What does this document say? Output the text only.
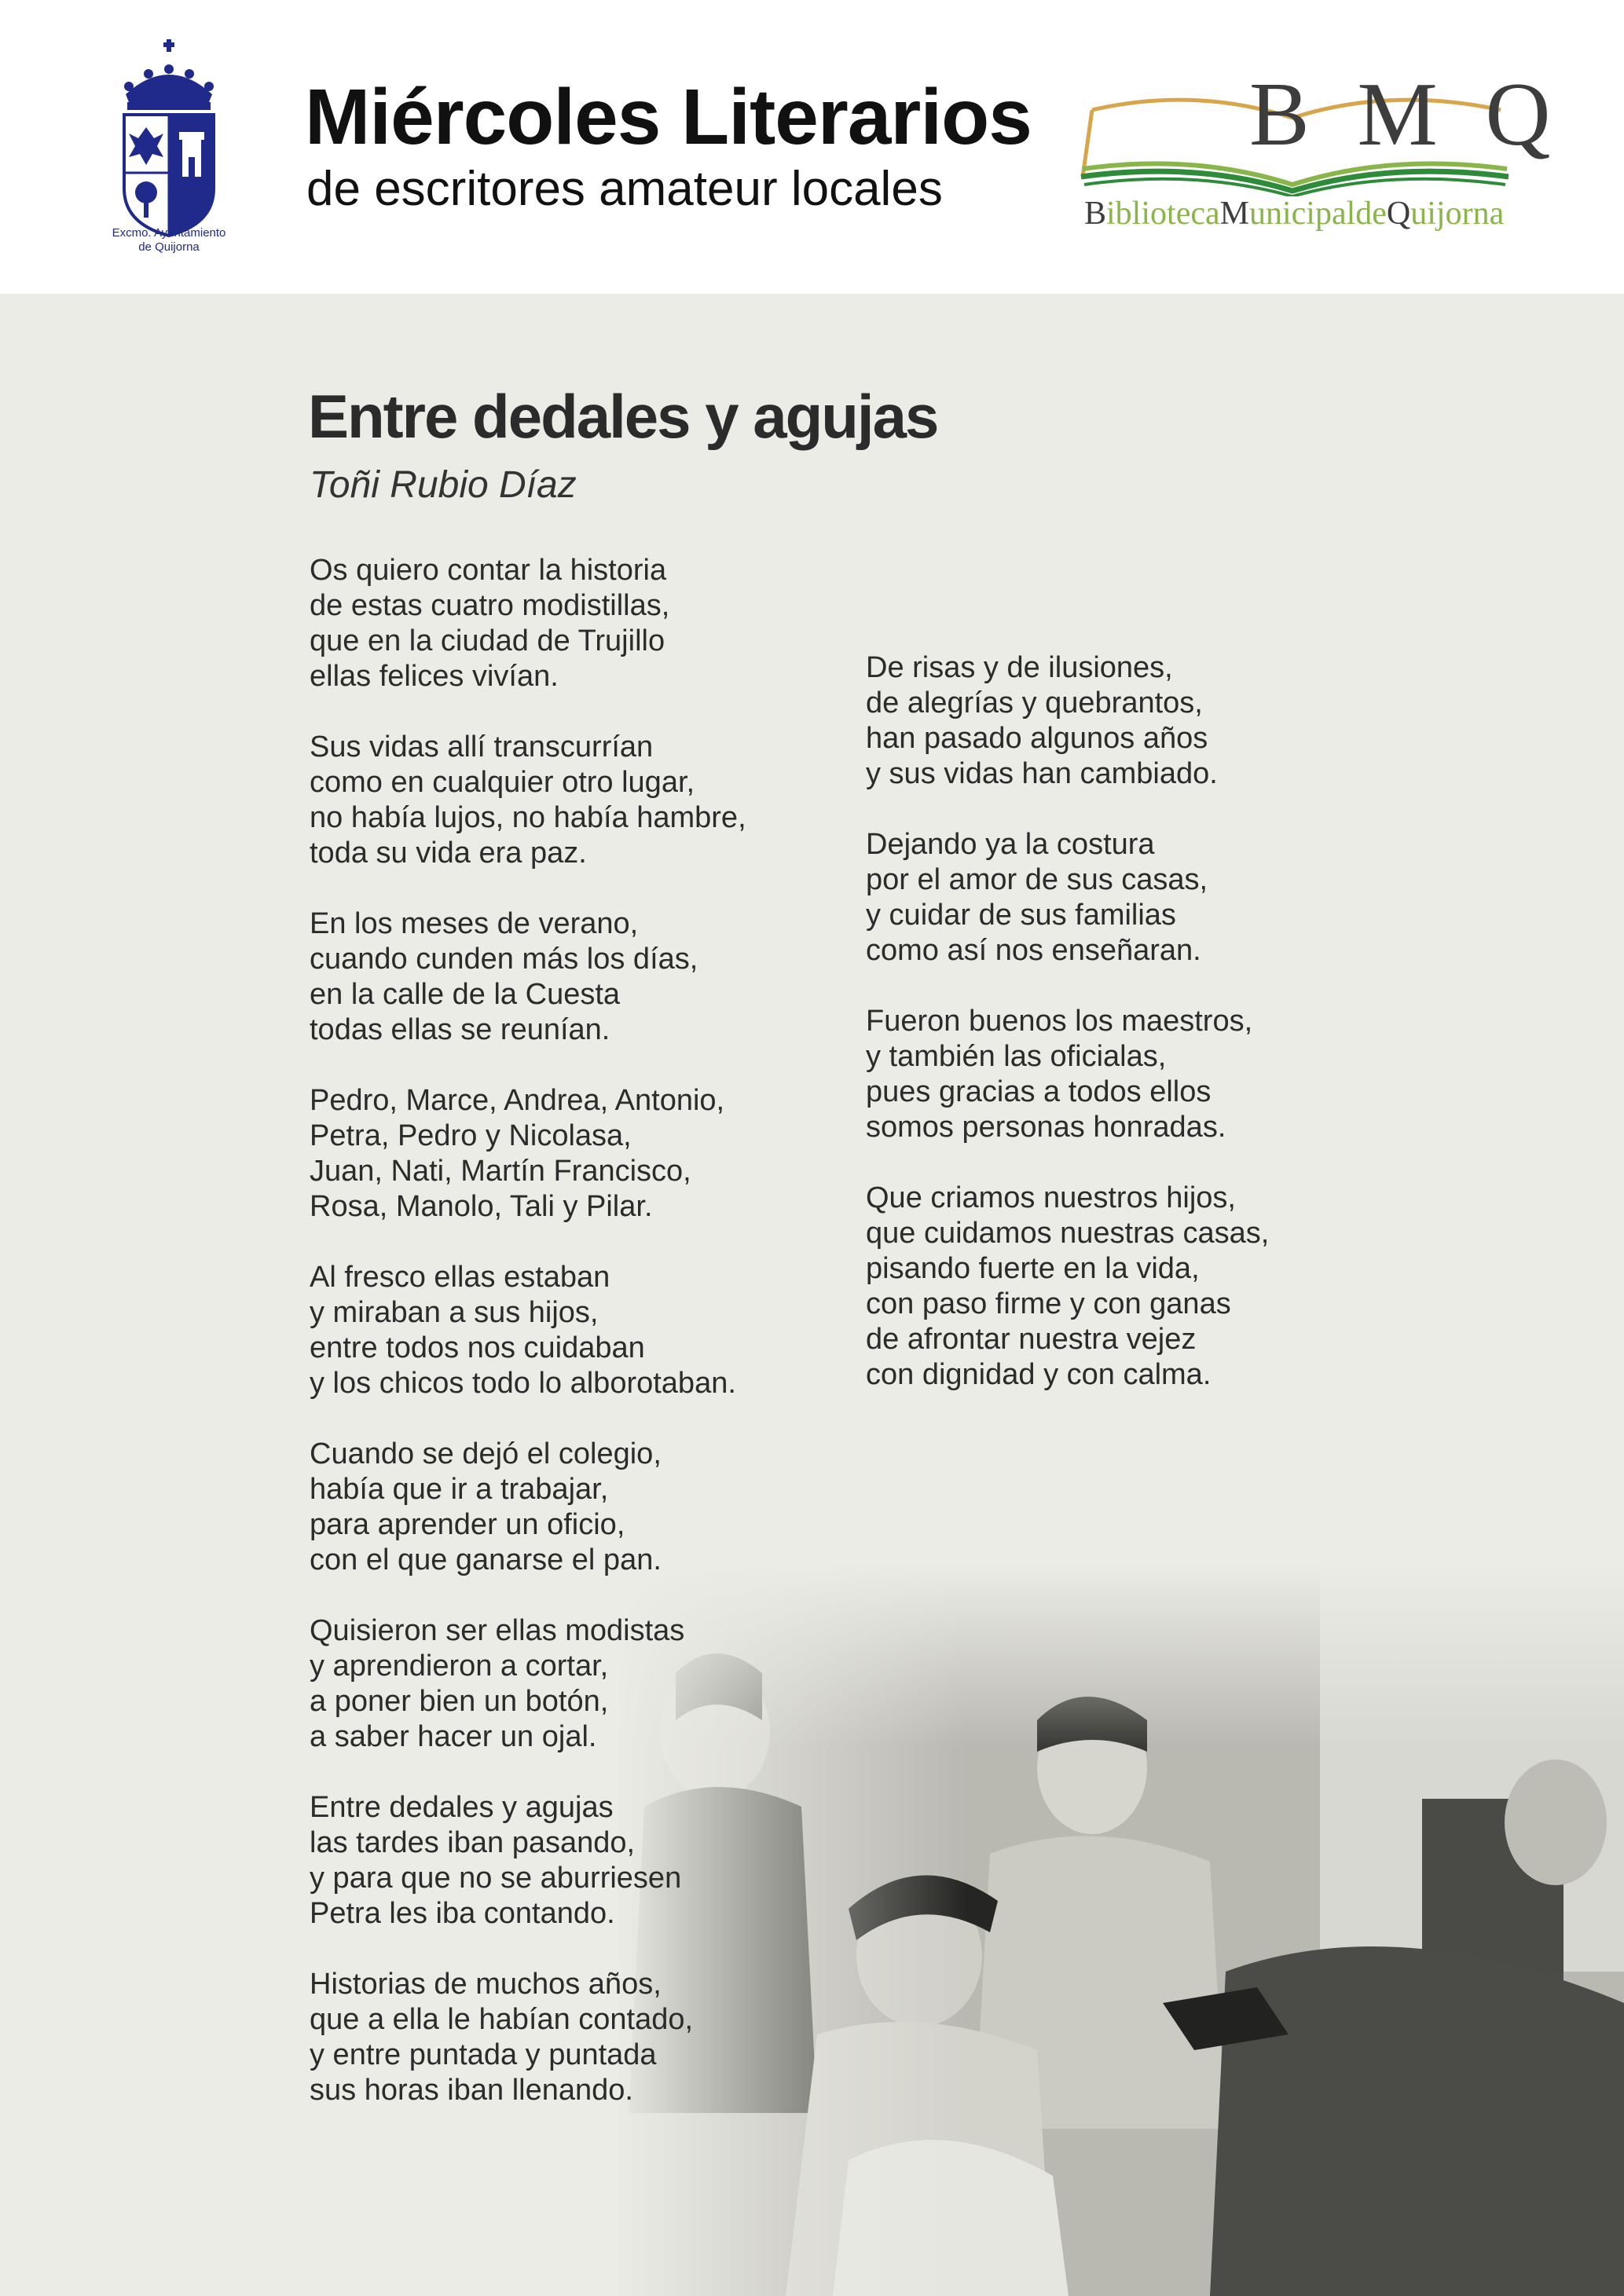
Excmo. Ayuntamiento
de Quijorna
Miércoles Literarios
de escritores amateur locales
B M Q
BibliotecaMunicipaldeQuijorna
Entre dedales y agujas
Toñi Rubio Díaz
Os quiero contar la historia
de estas cuatro modistillas,
que en la ciudad de Trujillo
ellas felices vivían.
Sus vidas allí transcurrían
como en cualquier otro lugar,
no había lujos, no había hambre,
toda su vida era paz.
En los meses de verano,
cuando cunden más los días,
en la calle de la Cuesta
todas ellas se reunían.
Pedro, Marce, Andrea, Antonio,
Petra, Pedro y Nicolasa,
Juan, Nati, Martín Francisco,
Rosa, Manolo, Tali y Pilar.
Al fresco ellas estaban
y miraban a sus hijos,
entre todos nos cuidaban
y los chicos todo lo alborotaban.
Cuando se dejó el colegio,
había que ir a trabajar,
para aprender un oficio,
con el que ganarse el pan.
Quisieron ser ellas modistas
y aprendieron a cortar,
a poner bien un botón,
a saber hacer un ojal.
Entre dedales y agujas
las tardes iban pasando,
y para que no se aburriesen
Petra les iba contando.
Historias de muchos años,
que a ella le habían contado,
y entre puntada y puntada
sus horas iban llenando.
De risas y de ilusiones,
de alegrías y quebrantos,
han pasado algunos años
y sus vidas han cambiado.
Dejando ya la costura
por el amor de sus casas,
y cuidar de sus familias
como así nos enseñaran.
Fueron buenos los maestros,
y también las oficialas,
pues gracias a todos ellos
somos personas honradas.
Que criamos nuestros hijos,
que cuidamos nuestras casas,
pisando fuerte en la vida,
con paso firme y con ganas
de afrontar nuestra vejez
con dignidad y con calma.
